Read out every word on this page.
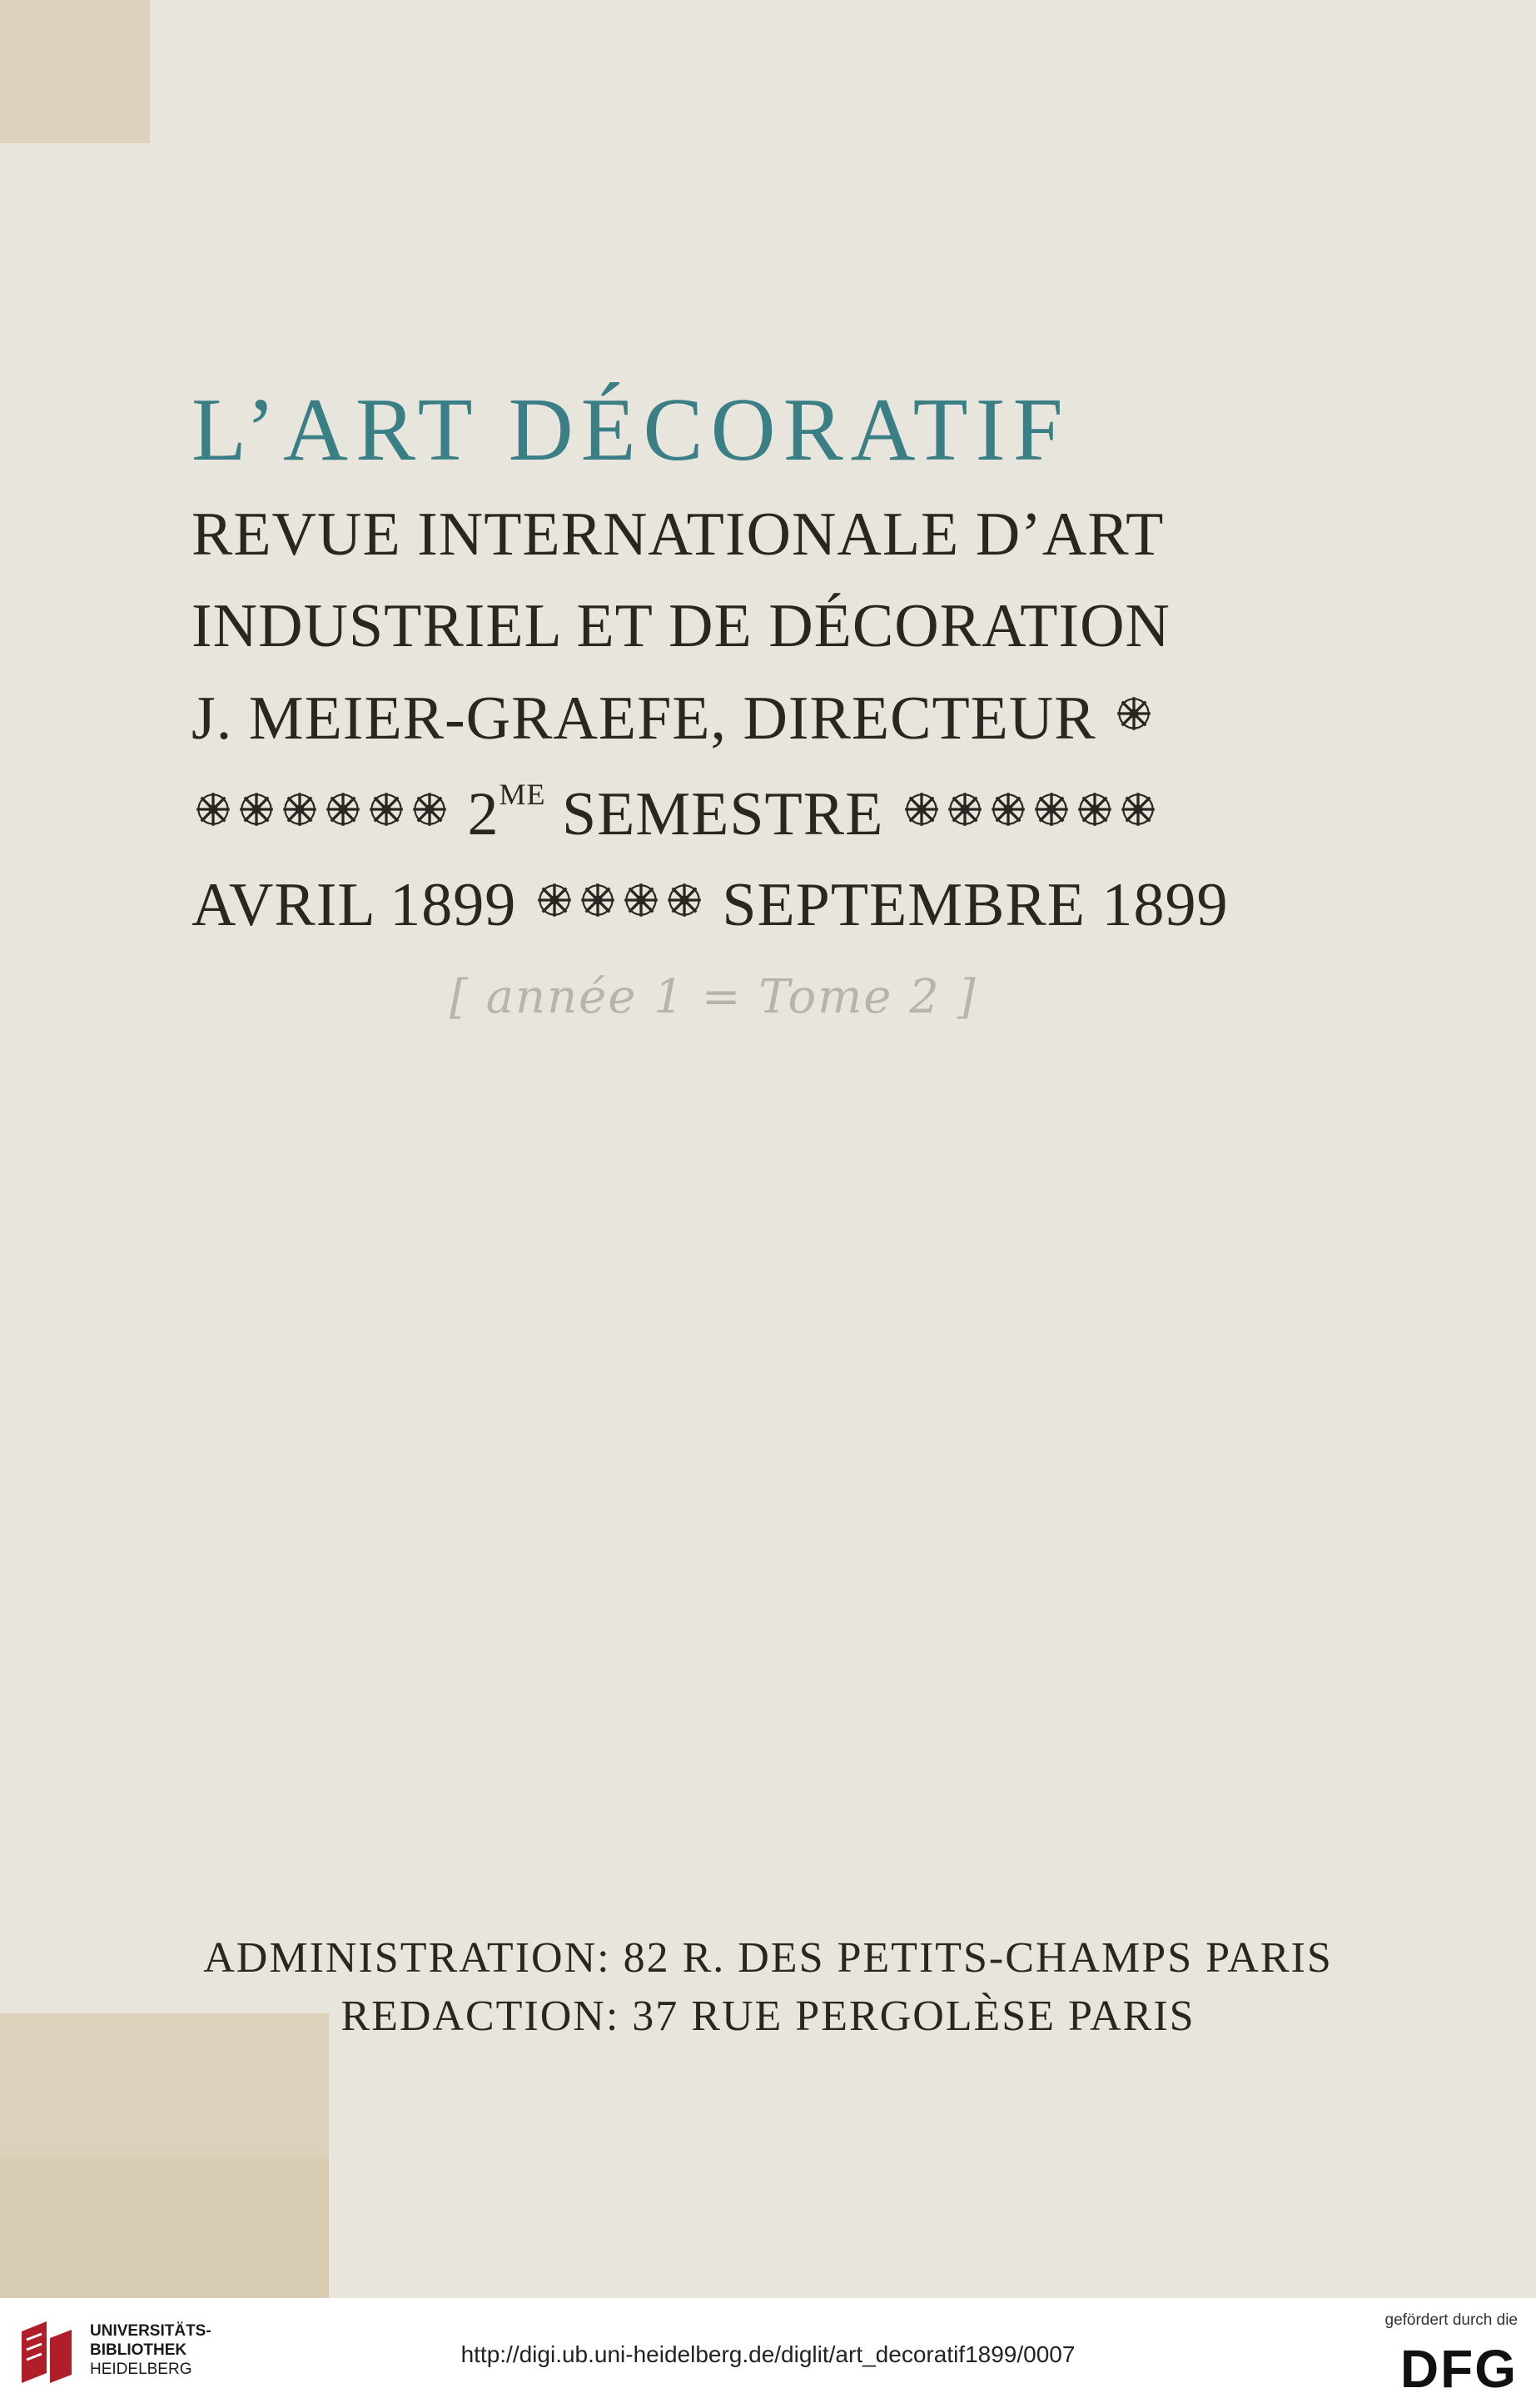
L’ART DÉCORATIF
REVUE INTERNATIONALE D’ART
INDUSTRIEL ET DE DÉCORATION
J. MEIER-GRAEFE, DIRECTEUR
$2^{ME}$ SEMESTRE
AVRIL 1899	SEPTEMBRE 1899
[ année 1 = Tome 2 ]
ADMINISTRATION: 82 R. DES PETITS-CHAMPS PARIS
REDACTION: 37 RUE PERGOLÈSE PARIS
UNIVERSITÄTS-
BIBLIOTHEK
HEIDELBERG
http://digi.ub.uni-heidelberg.de/diglit/art_decoratif1899/0007
gefördert durch die
DFG
